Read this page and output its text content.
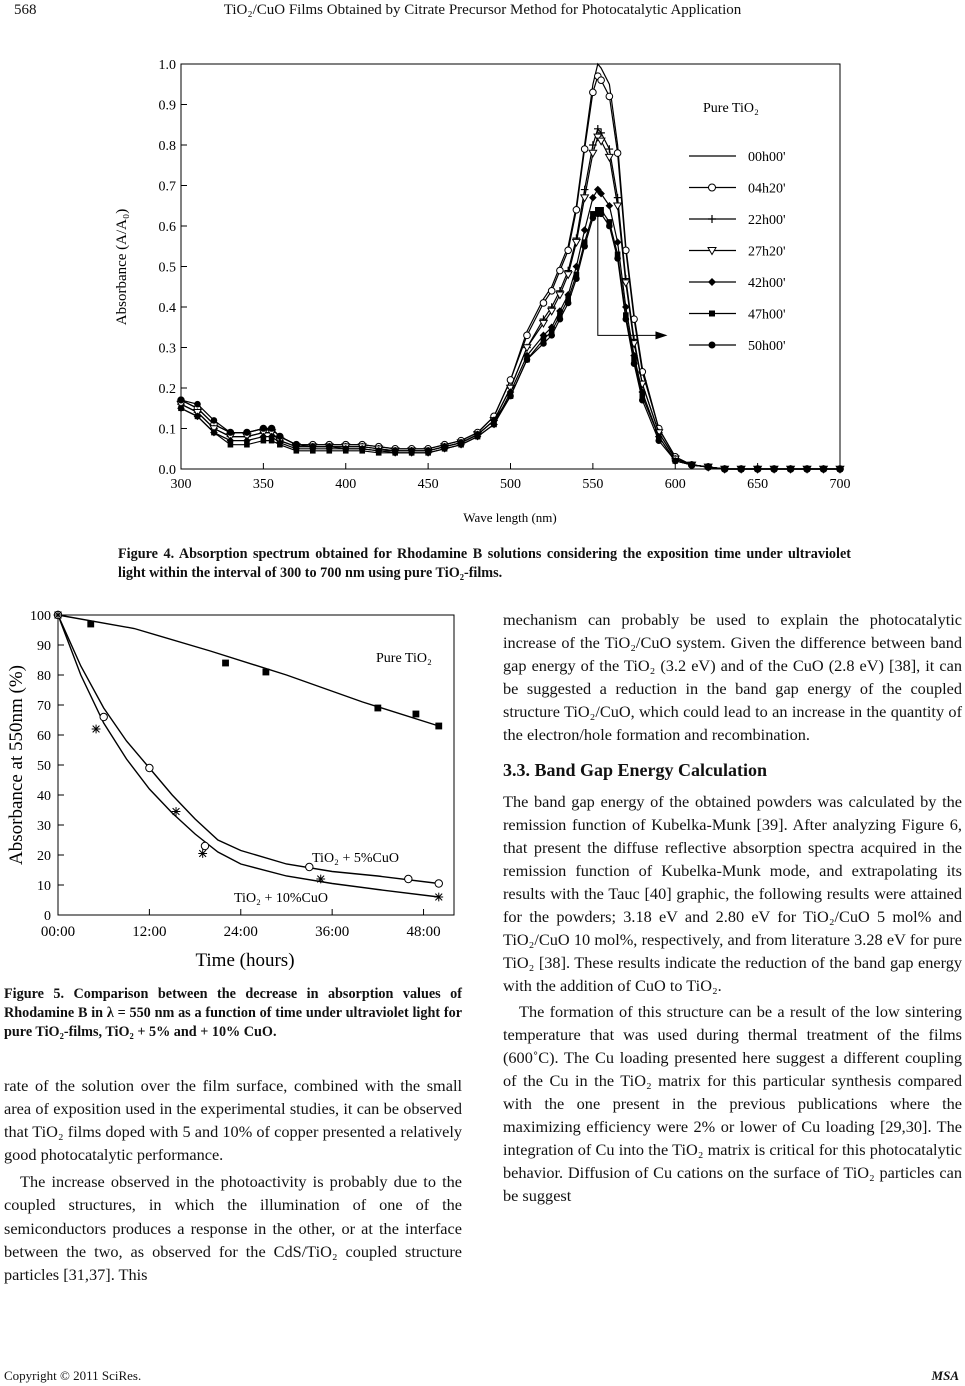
568	TiO₂/CuO Films Obtained by Citrate Precursor Method for Photocatalytic Application
300	350	400	450	500	550	600	650	700
0.0
0.1
0.2
0.3
0.4
0.5
0.6
0.7
0.8
0.9
1.0
Pure TiO₂
00h00'
04h20'
22h00'
27h20'
42h00'
47h00'
50h00'
Wave length (nm)
Absorbance (A/A₀)
Figure 4. Absorption spectrum obtained for Rhodamine B solutions considering the exposition time under ultraviolet light within the interval of 300 to 700 nm using pure TiO₂-films.
00:00	12:00	24:00	36:00	48:00
0
10
20
30
40
50
60
70
80
90
100
Pure TiO₂
TiO₂ + 5%CuO
TiO₂ + 10%CuO
Time (hours)
Absorbance at 550nm (%)
Figure 5. Comparison between the decrease in absorption values of Rhodamine B in λ = 550 nm as a function of time under ultraviolet light for pure TiO₂-films, TiO₂ + 5% and + 10% CuO.

rate of the solution over the film surface, combined with the small area of exposition used in the experimental studies, it can be observed that TiO₂ films doped with 5 and 10% of copper presented a relatively good photocatalytic performance.

The increase observed in the photoactivity is probably due to the coupled structures, in which the illumination of one of the semiconductors produces a response in the other, or at the interface between the two, as observed for the CdS/TiO₂ coupled structure particles [31,37]. This

mechanism can probably be used to explain the photocatalytic increase of the TiO₂/CuO system. Given the difference between band gap energy of the TiO₂ (3.2 eV) and of the CuO (2.8 eV) [38], it can be suggested a reduction in the band gap energy of the coupled structure TiO₂/CuO, which could lead to an increase in the quantity of the electron/hole formation and recombination.

3.3. Band Gap Energy Calculation

The band gap energy of the obtained powders was calculated by the remission function of Kubelka-Munk [39]. After analyzing Figure 6, that present the diffuse reflective absorption spectra acquired in the remission function of Kubelka-Munk mode, and extrapolating its results with the Tauc [40] graphic, the following results were attained for the powders; 3.18 eV and 2.80 eV for TiO₂/CuO 5 mol% and TiO₂/CuO 10 mol%, respectively, and from literature 3.28 eV for pure TiO₂ [38]. These results indicate the reduction of the band gap energy with the addition of CuO to TiO₂.

The formation of this structure can be a result of the low sintering temperature that was used during thermal treatment of the films (600˚C). The Cu loading presented here suggest a different coupling of the Cu in the TiO₂ matrix for this particular synthesis compared with the one present in the previous publications where the maximizing efficiency were 2% or lower of Cu loading [29,30]. The integration of Cu into the TiO₂ matrix is critical for this photocatalytic behavior. Diffusion of Cu cations on the surface of TiO₂ particles can be suggest

Copyright © 2011 SciRes.	MSA
